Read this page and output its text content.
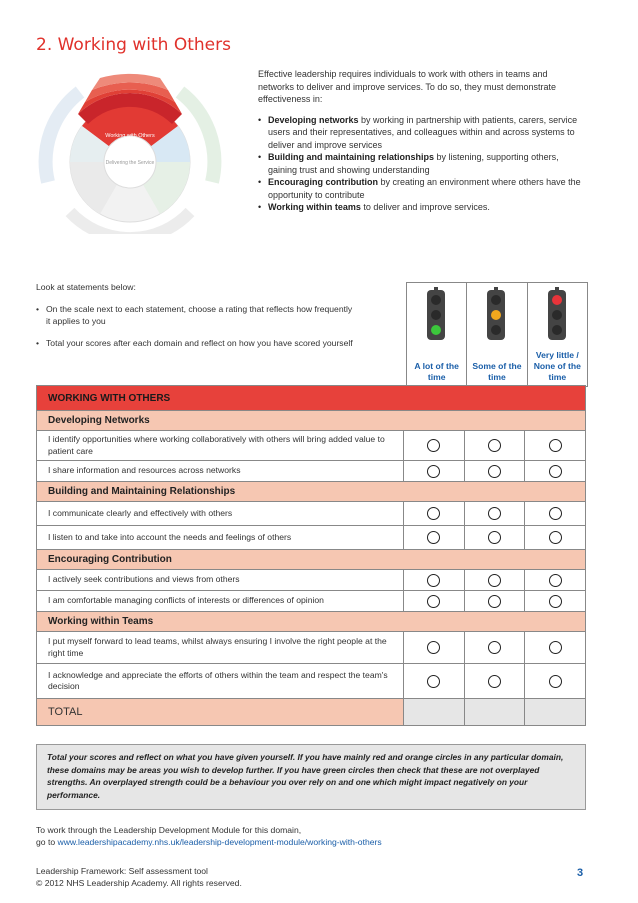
2. Working with Others
Working with Others
Delivering the Service

Effective leadership requires individuals to work with others in teams and networks to deliver and improve services. To do so, they must demonstrate effectiveness in:

• Developing networks by working in partnership with patients, carers, service users and their representatives, and colleagues within and across systems to deliver and improve services
• Building and maintaining relationships by listening, supporting others, gaining trust and showing understanding
• Encouraging contribution by creating an environment where others have the opportunity to contribute
• Working within teams to deliver and improve services.

Look at statements below:

• On the scale next to each statement, choose a rating that reflects how frequently it applies to you
• Total your scores after each domain and reflect on how you have scored yourself
A lot of the time
Some of the time
Very little / None of the time
WORKING WITH OTHERS
Developing Networks
I identify opportunities where working collaboratively with others will bring added value to patient care
I share information and resources across networks
Building and Maintaining Relationships
I communicate clearly and effectively with others
I listen to and take into account the needs and feelings of others
Encouraging Contribution
I actively seek contributions and views from others
I am comfortable managing conflicts of interests or differences of opinion
Working within Teams
I put myself forward to lead teams, whilst always ensuring I involve the right people at the right time
I acknowledge and appreciate the efforts of others within the team and respect the team's decision
TOTAL
Total your scores and reflect on what you have given yourself. If you have mainly red and orange circles in any particular domain, these domains may be areas you wish to develop further. If you have green circles then check that these are not overplayed strengths. An overplayed strength could be a behaviour you over rely on and one which might impact negatively on your performance.
To work through the Leadership Development Module for this domain,
go to www.leadershipacademy.nhs.uk/leadership-development-module/working-with-others
Leadership Framework: Self assessment tool
© 2012 NHS Leadership Academy. All rights reserved.
3
